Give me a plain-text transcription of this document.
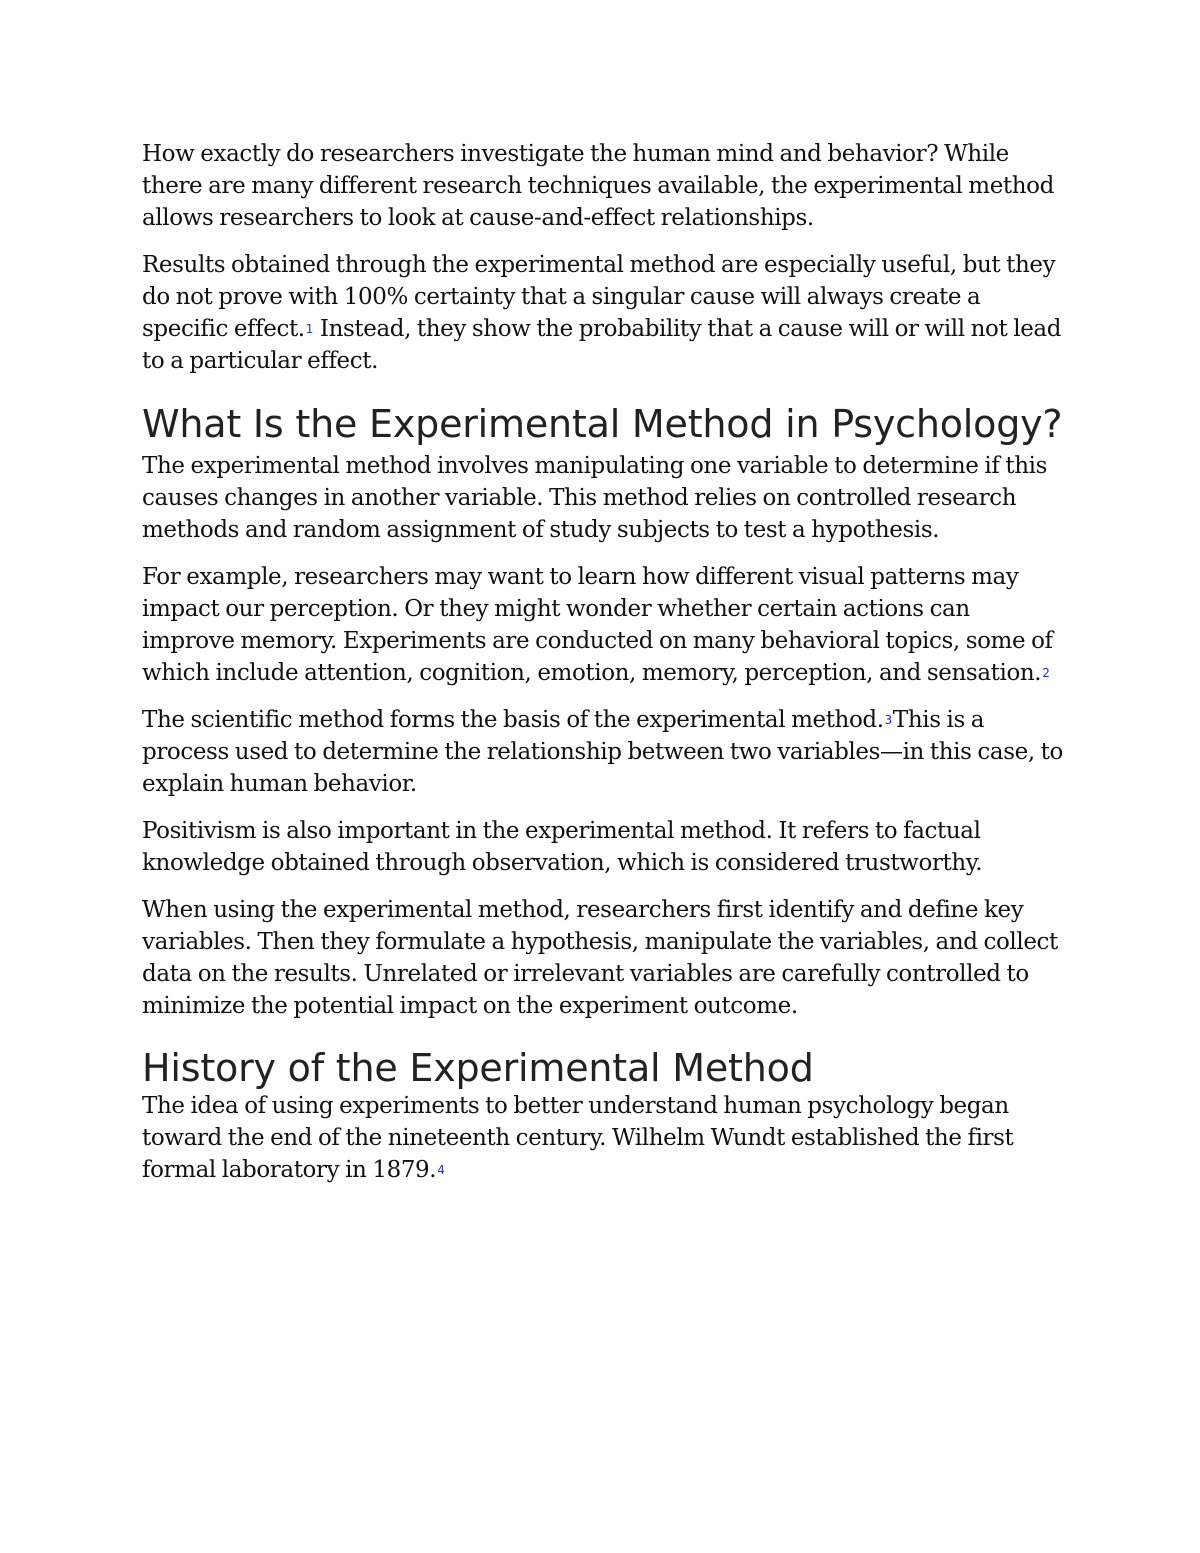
How exactly do researchers investigate the human mind and behavior? While there are many different research techniques available, the experimental method allows researchers to look at cause-and-effect relationships.

Results obtained through the experimental method are especially useful, but they do not prove with 100% certainty that a singular cause will always create a specific effect.1 Instead, they show the probability that a cause will or will not lead to a particular effect.

What Is the Experimental Method in Psychology?

The experimental method involves manipulating one variable to determine if this causes changes in another variable. This method relies on controlled research methods and random assignment of study subjects to test a hypothesis.

For example, researchers may want to learn how different visual patterns may impact our perception. Or they might wonder whether certain actions can improve memory. Experiments are conducted on many behavioral topics, some of which include attention, cognition, emotion, memory, perception, and sensation.2

The scientific method forms the basis of the experimental method.3This is a process used to determine the relationship between two variables—in this case, to explain human behavior.

Positivism is also important in the experimental method. It refers to factual knowledge obtained through observation, which is considered trustworthy.

When using the experimental method, researchers first identify and define key variables. Then they formulate a hypothesis, manipulate the variables, and collect data on the results. Unrelated or irrelevant variables are carefully controlled to minimize the potential impact on the experiment outcome.

History of the Experimental Method

The idea of using experiments to better understand human psychology began toward the end of the nineteenth century. Wilhelm Wundt established the first formal laboratory in 1879.4
